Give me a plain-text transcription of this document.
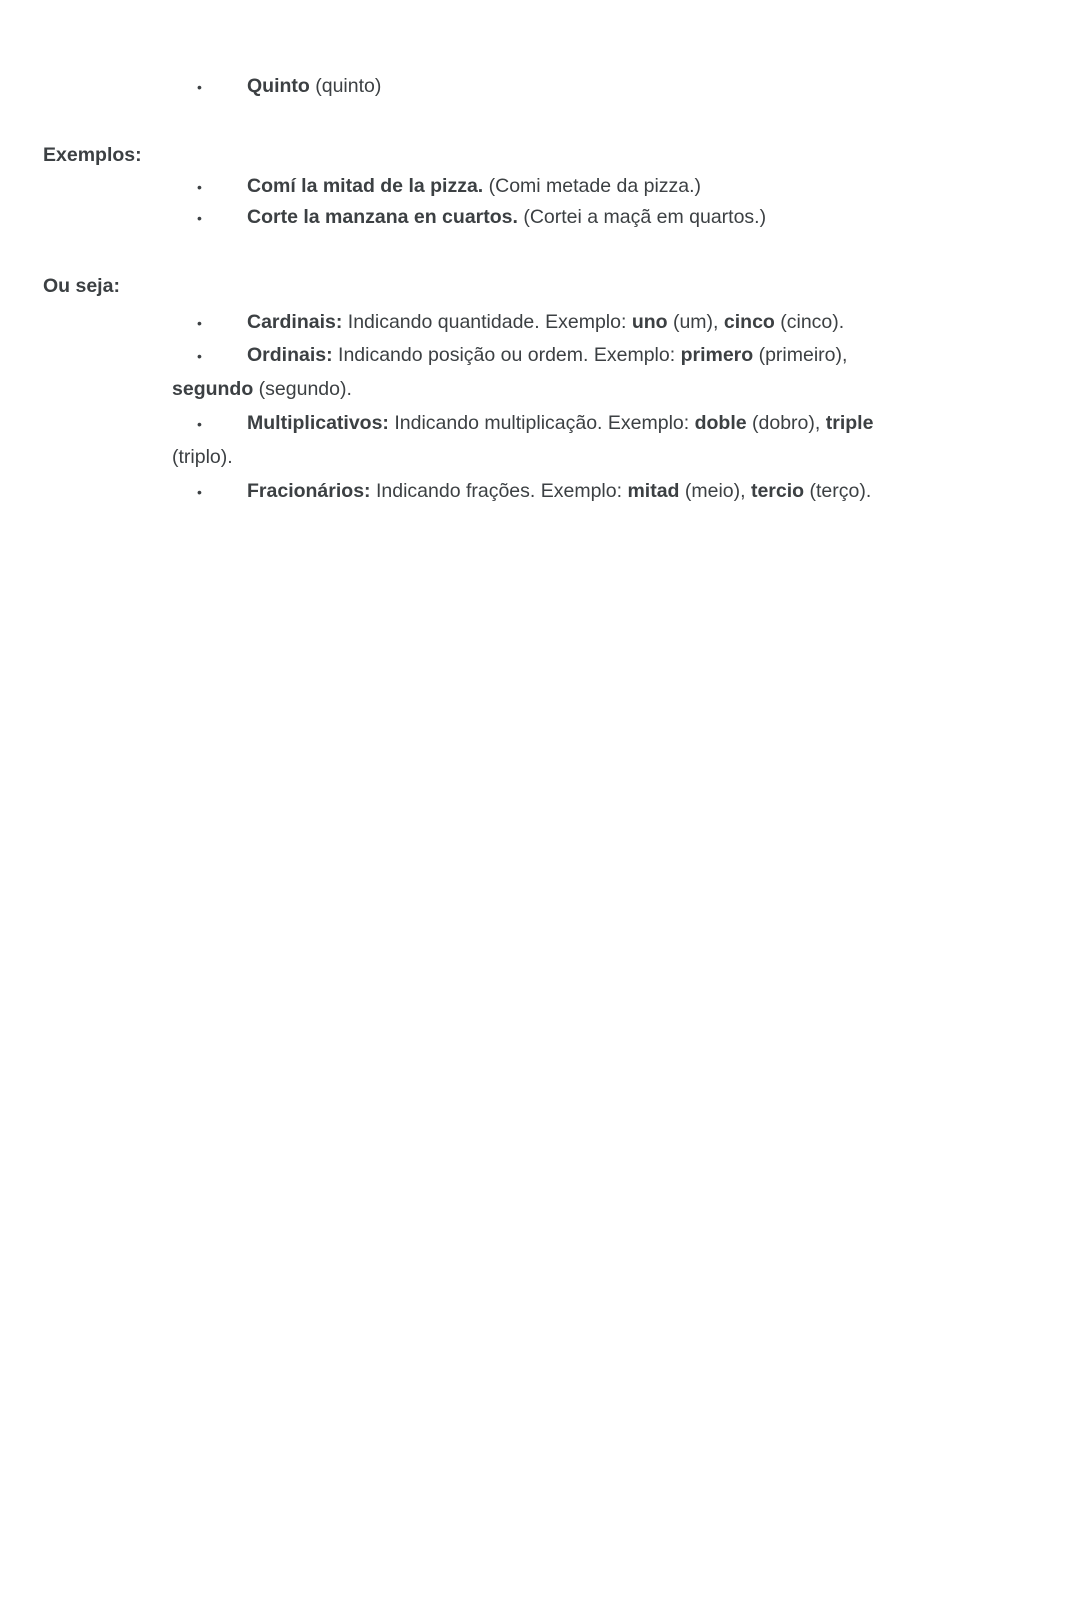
• Quinto (quinto)
Exemplos:
• Comí la mitad de la pizza. (Comi metade da pizza.)
• Corte la manzana en cuartos. (Cortei a maçã em quartos.)
Ou seja:
• Cardinais: Indicando quantidade. Exemplo: uno (um), cinco (cinco).
• Ordinais: Indicando posição ou ordem. Exemplo: primero (primeiro),
segundo (segundo).
• Multiplicativos: Indicando multiplicação. Exemplo: doble (dobro), triple
(triplo).
• Fracionários: Indicando frações. Exemplo: mitad (meio), tercio (terço).
